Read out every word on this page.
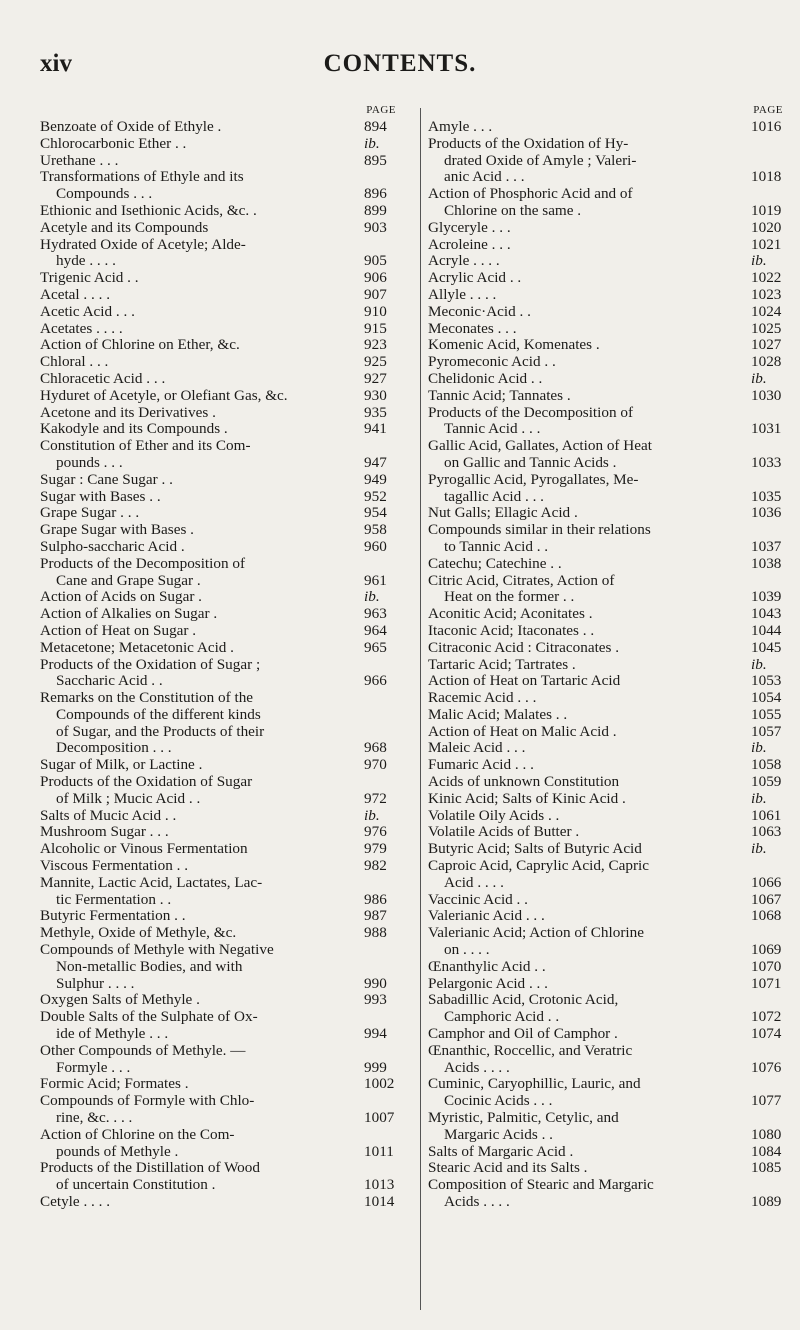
xiv	CONTENTS.
PAGE
Benzoate of Oxide of Ethyle .	894
Chlorocarbonic Ether . .	ib.
Urethane . . .	895
Transformations of Ethyle and its
Compounds . . .	896
Ethionic and Isethionic Acids, &c. .	899
Acetyle and its Compounds	903
Hydrated Oxide of Acetyle; Alde-
hyde . . . .	905
Trigenic Acid . .	906
Acetal . . . .	907
Acetic Acid . . .	910
Acetates . . . .	915
Action of Chlorine on Ether, &c.	923
Chloral . . .	925
Chloracetic Acid . . .	927
Hyduret of Acetyle, or Olefiant Gas, &c.	930
Acetone and its Derivatives .	935
Kakodyle and its Compounds .	941
Constitution of Ether and its Com-
pounds . . .	947
Sugar : Cane Sugar . .	949
Sugar with Bases . .	952
Grape Sugar . . .	954
Grape Sugar with Bases .	958
Sulpho-saccharic Acid .	960
Products of the Decomposition of
Cane and Grape Sugar .	961
Action of Acids on Sugar .	ib.
Action of Alkalies on Sugar .	963
Action of Heat on Sugar .	964
Metacetone; Metacetonic Acid .	965
Products of the Oxidation of Sugar ;
Saccharic Acid . .	966
Remarks on the Constitution of the
Compounds of the different kinds
of Sugar, and the Products of their
Decomposition . . .	968
Sugar of Milk, or Lactine .	970
Products of the Oxidation of Sugar
of Milk ; Mucic Acid . .	972
Salts of Mucic Acid . .	ib.
Mushroom Sugar . . .	976
Alcoholic or Vinous Fermentation	979
Viscous Fermentation . .	982
Mannite, Lactic Acid, Lactates, Lac-
tic Fermentation . .	986
Butyric Fermentation . .	987
Methyle, Oxide of Methyle, &c.	988
Compounds of Methyle with Negative
Non-metallic Bodies, and with
Sulphur . . . .	990
Oxygen Salts of Methyle .	993
Double Salts of the Sulphate of Ox-
ide of Methyle . . .	994
Other Compounds of Methyle. —
Formyle . . .	999
Formic Acid; Formates .	1002
Compounds of Formyle with Chlo-
rine, &c. . . .	1007
Action of Chlorine on the Com-
pounds of Methyle .	1011
Products of the Distillation of Wood
of uncertain Constitution .	1013
Cetyle . . . .	1014
PAGE
Amyle . . .	1016
Products of the Oxidation of Hy-
drated Oxide of Amyle ; Valeri-
anic Acid . . .	1018
Action of Phosphoric Acid and of
Chlorine on the same .	1019
Glyceryle . . .	1020
Acroleine . . .	1021
Acryle . . . .	ib.
Acrylic Acid . .	1022
Allyle . . . .	1023
Meconic·Acid . .	1024
Meconates . . .	1025
Komenic Acid, Komenates .	1027
Pyromeconic Acid . .	1028
Chelidonic Acid . .	ib.
Tannic Acid; Tannates .	1030
Products of the Decomposition of
Tannic Acid . . .	1031
Gallic Acid, Gallates, Action of Heat
on Gallic and Tannic Acids .	1033
Pyrogallic Acid, Pyrogallates, Me-
tagallic Acid . . .	1035
Nut Galls; Ellagic Acid .	1036
Compounds similar in their relations
to Tannic Acid . .	1037
Catechu; Catechine . .	1038
Citric Acid, Citrates, Action of
Heat on the former . .	1039
Aconitic Acid; Aconitates .	1043
Itaconic Acid; Itaconates . .	1044
Citraconic Acid : Citraconates .	1045
Tartaric Acid; Tartrates .	ib.
Action of Heat on Tartaric Acid	1053
Racemic Acid . . .	1054
Malic Acid; Malates . .	1055
Action of Heat on Malic Acid .	1057
Maleic Acid . . .	ib.
Fumaric Acid . . .	1058
Acids of unknown Constitution	1059
Kinic Acid; Salts of Kinic Acid .	ib.
Volatile Oily Acids . .	1061
Volatile Acids of Butter .	1063
Butyric Acid; Salts of Butyric Acid	ib.
Caproic Acid, Caprylic Acid, Capric
Acid . . . .	1066
Vaccinic Acid . .	1067
Valerianic Acid . . .	1068
Valerianic Acid; Action of Chlorine
on . . . .	1069
Œnanthylic Acid . .	1070
Pelargonic Acid . . .	1071
Sabadillic Acid, Crotonic Acid,
Camphoric Acid . .	1072
Camphor and Oil of Camphor .	1074
Œnanthic, Roccellic, and Veratric
Acids . . . .	1076
Cuminic, Caryophillic, Lauric, and
Cocinic Acids . . .	1077
Myristic, Palmitic, Cetylic, and
Margaric Acids . .	1080
Salts of Margaric Acid .	1084
Stearic Acid and its Salts .	1085
Composition of Stearic and Margaric
Acids . . . .	1089
